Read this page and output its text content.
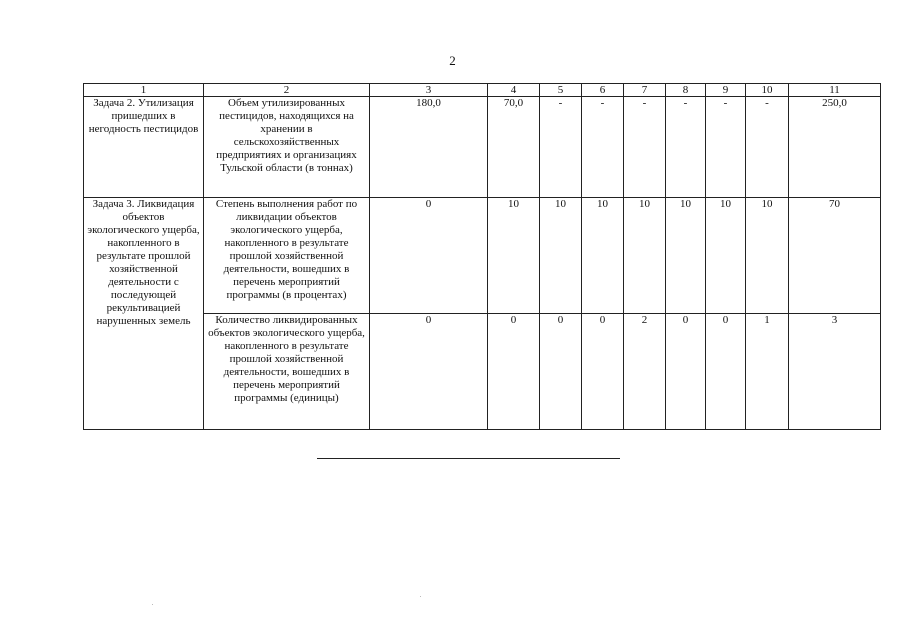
2
1	2	3	4	5	6	7	8	9	10	11
Задача 2. Утилизация пришедших в негодность пестицидов	Объем утилизированных пестицидов, находящихся на хранении в сельскохозяйственных предприятиях и организациях Тульской области (в тоннах)	180,0	70,0	-	-	-	-	-	-	250,0
Задача 3. Ликвидация объектов экологического ущерба, накопленного в результате прошлой хозяйственной деятельности с последующей рекультивацией нарушенных земель	Степень выполнения работ по ликвидации объектов экологического ущерба, накопленного в результате прошлой хозяйственной деятельности, вошедших в перечень мероприятий программы (в процентах)	0	10	10	10	10	10	10	10	70
	Количество ликвидированных объектов экологического ущерба, накопленного в результате прошлой хозяйственной деятельности, вошедших в перечень мероприятий программы (единицы)	0	0	0	0	2	0	0	1	3
